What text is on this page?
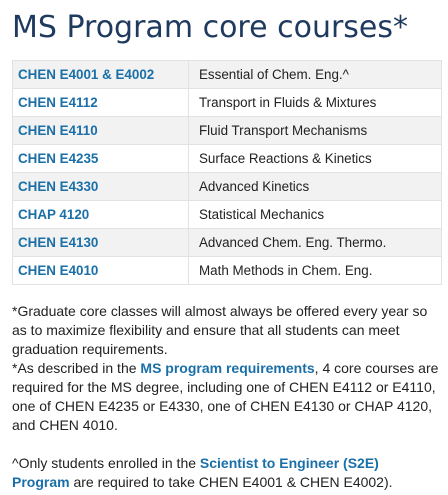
MS Program core courses*
CHEN E4001 & E4002	Essential of Chem. Eng.^
CHEN E4112	Transport in Fluids & Mixtures
CHEN E4110	Fluid Transport Mechanisms
CHEN E4235	Surface Reactions & Kinetics
CHEN E4330	Advanced Kinetics
CHAP 4120	Statistical Mechanics
CHEN E4130	Advanced Chem. Eng. Thermo.
CHEN E4010	Math Methods in Chem. Eng.

*Graduate core classes will almost always be offered every year so as to maximize flexibility and ensure that all students can meet graduation requirements.

*As described in the MS program requirements, 4 core courses are required for the MS degree, including one of CHEN E4112 or E4110, one of CHEN E4235 or E4330, one of CHEN E4130 or CHAP 4120, and CHEN 4010.

^Only students enrolled in the Scientist to Engineer (S2E) Program are required to take CHEN E4001 & CHEN E4002).
